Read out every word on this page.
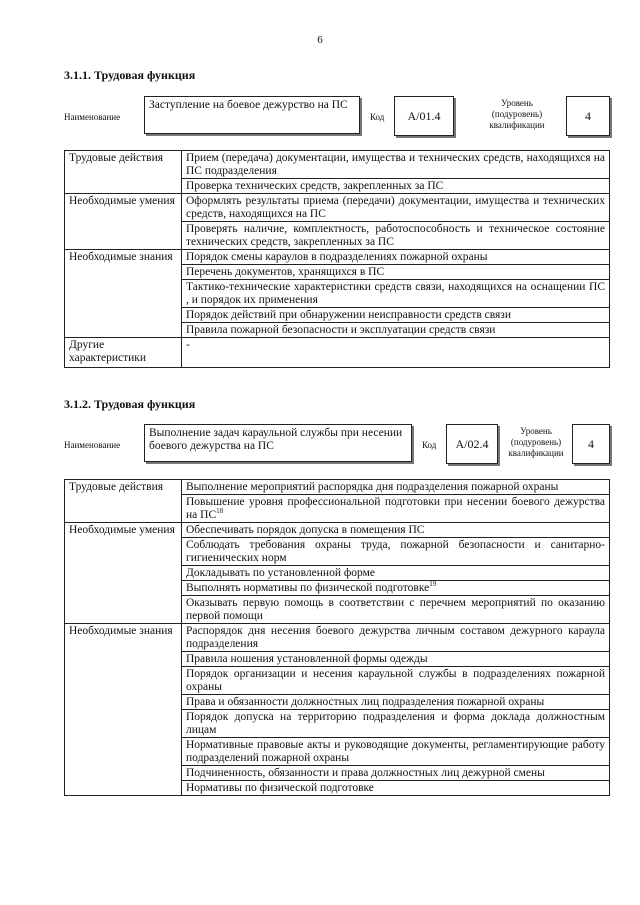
6
3.1.1. Трудовая функция
Наименование
Заступление на боевое дежурство на ПС
Код	А/01.4
Уровень
(подуровень)
квалификации
4
Трудовые действия	Прием (передача) документации, имущества и технических средств, находящихся на ПС подразделения
	Проверка технических средств, закрепленных за ПС
Необходимые умения	Оформлять результаты приема (передачи) документации, имущества и технических средств, находящихся на ПС
	Проверять наличие, комплектность, работоспособность и техническое состояние технических средств, закрепленных за ПС
Необходимые знания	Порядок смены караулов в подразделениях пожарной охраны
	Перечень документов, хранящихся в ПС
	Тактико-технические характеристики средств связи, находящихся на оснащении ПС , и порядок их применения
	Порядок действий при обнаружении неисправности средств связи
	Правила пожарной безопасности и эксплуатации средств связи
Другие характеристики	-
3.1.2. Трудовая функция
Наименование
Выполнение задач караульной службы при несении боевого дежурства на ПС	Код	А/02.4
Уровень
(подуровень)
квалификации
4
Трудовые действия	Выполнение мероприятий распорядка дня подразделения пожарной охраны
	Повышение уровня профессиональной подготовки при несении боевого дежурства на ПС$^{18}$
Необходимые умения	Обеспечивать порядок допуска в помещения ПС
	Соблюдать требования охраны труда, пожарной безопасности и санитарно-гигиенических норм
	Докладывать по установленной форме
	Выполнять нормативы по физической подготовке$^{19}$
	Оказывать первую помощь в соответствии с перечнем мероприятий по оказанию первой помощи
Необходимые знания	Распорядок дня несения боевого дежурства личным составом дежурного караула подразделения
	Правила ношения установленной формы одежды
	Порядок организации и несения караульной службы в подразделениях пожарной охраны
	Права и обязанности должностных лиц подразделения пожарной охраны
	Порядок допуска на территорию подразделения и форма доклада должностным лицам
	Нормативные правовые акты и руководящие документы, регламентирующие работу подразделений пожарной охраны
	Подчиненность, обязанности и права должностных лиц дежурной смены
	Нормативы по физической подготовке
